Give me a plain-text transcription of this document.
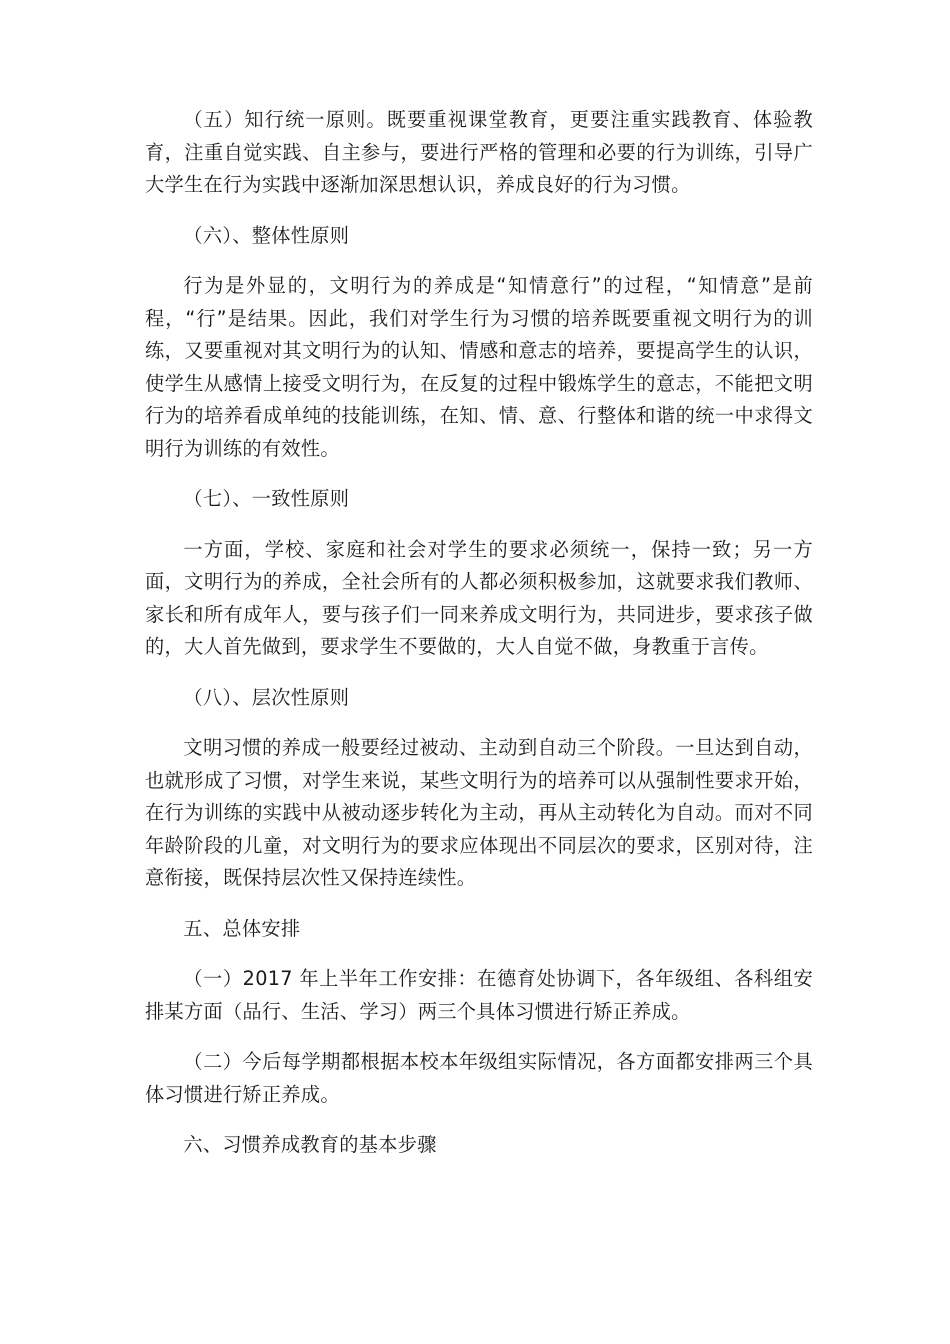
（五）知行统一原则。既要重视课堂教育，更要注重实践教育、体验教育，注重自觉实践、自主参与，要进行严格的管理和必要的行为训练，引导广大学生在行为实践中逐渐加深思想认识，养成良好的行为习惯。

（六）、整体性原则

行为是外显的，文明行为的养成是“知情意行”的过程，“知情意”是前程，“行”是结果。因此，我们对学生行为习惯的培养既要重视文明行为的训练，又要重视对其文明行为的认知、情感和意志的培养，要提高学生的认识，使学生从感情上接受文明行为，在反复的过程中锻炼学生的意志，不能把文明行为的培养看成单纯的技能训练，在知、情、意、行整体和谐的统一中求得文明行为训练的有效性。

（七）、一致性原则

一方面，学校、家庭和社会对学生的要求必须统一，保持一致；另一方面，文明行为的养成，全社会所有的人都必须积极参加，这就要求我们教师、家长和所有成年人，要与孩子们一同来养成文明行为，共同进步，要求孩子做的，大人首先做到，要求学生不要做的，大人自觉不做，身教重于言传。

（八）、层次性原则

文明习惯的养成一般要经过被动、主动到自动三个阶段。一旦达到自动，也就形成了习惯，对学生来说，某些文明行为的培养可以从强制性要求开始，在行为训练的实践中从被动逐步转化为主动，再从主动转化为自动。而对不同年龄阶段的儿童，对文明行为的要求应体现出不同层次的要求，区别对待，注意衔接，既保持层次性又保持连续性。

五、总体安排

（一）2017 年上半年工作安排：在德育处协调下，各年级组、各科组安排某方面（品行、生活、学习）两三个具体习惯进行矫正养成。

（二）今后每学期都根据本校本年级组实际情况，各方面都安排两三个具体习惯进行矫正养成。

六、习惯养成教育的基本步骤
